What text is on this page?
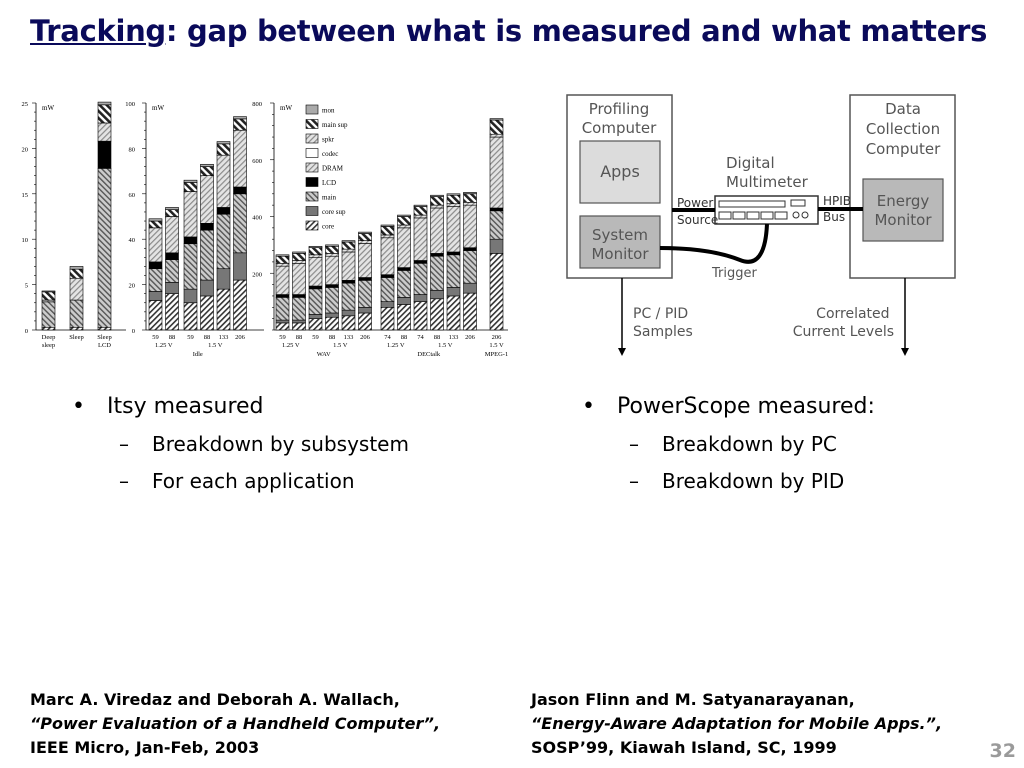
Tracking: gap between what is measured and what matters
0
5
10
15
20
25 mW
Deep
sleep
Sleep Sleep
LCD
0
20
40
60
80
100 mW
59 88 59 88 133 206
1.25 V	1.5 V
Idle
200
400
600
800	mW
59 88 59 88 133 206 74 88 74 88 133 206	206
1.25 V	1.5 V	1.25 V	1.5 V	1.5 V
WAV	DECtalk	MPEG-1
mon
main sup
spkr
codec
DRAM
LCD
main
core sup
core
Profiling Computer
Apps
System Monitor
Data Collection Computer
Energy Monitor
Digital Multimeter
Power
Source
HPIB
Bus
Trigger
PC / PID Samples
Correlated Current Levels
• Itsy measured
– Breakdown by subsystem
– For each application
• PowerScope measured:
– Breakdown by PC
– Breakdown by PID
Marc A. Viredaz and Deborah A. Wallach,
“Power Evaluation of a Handheld Computer”,
IEEE Micro, Jan-Feb, 2003
Jason Flinn and M. Satyanarayanan,
“Energy-Aware Adaptation for Mobile Apps.”,
SOSP’99, Kiawah Island, SC, 1999	32
